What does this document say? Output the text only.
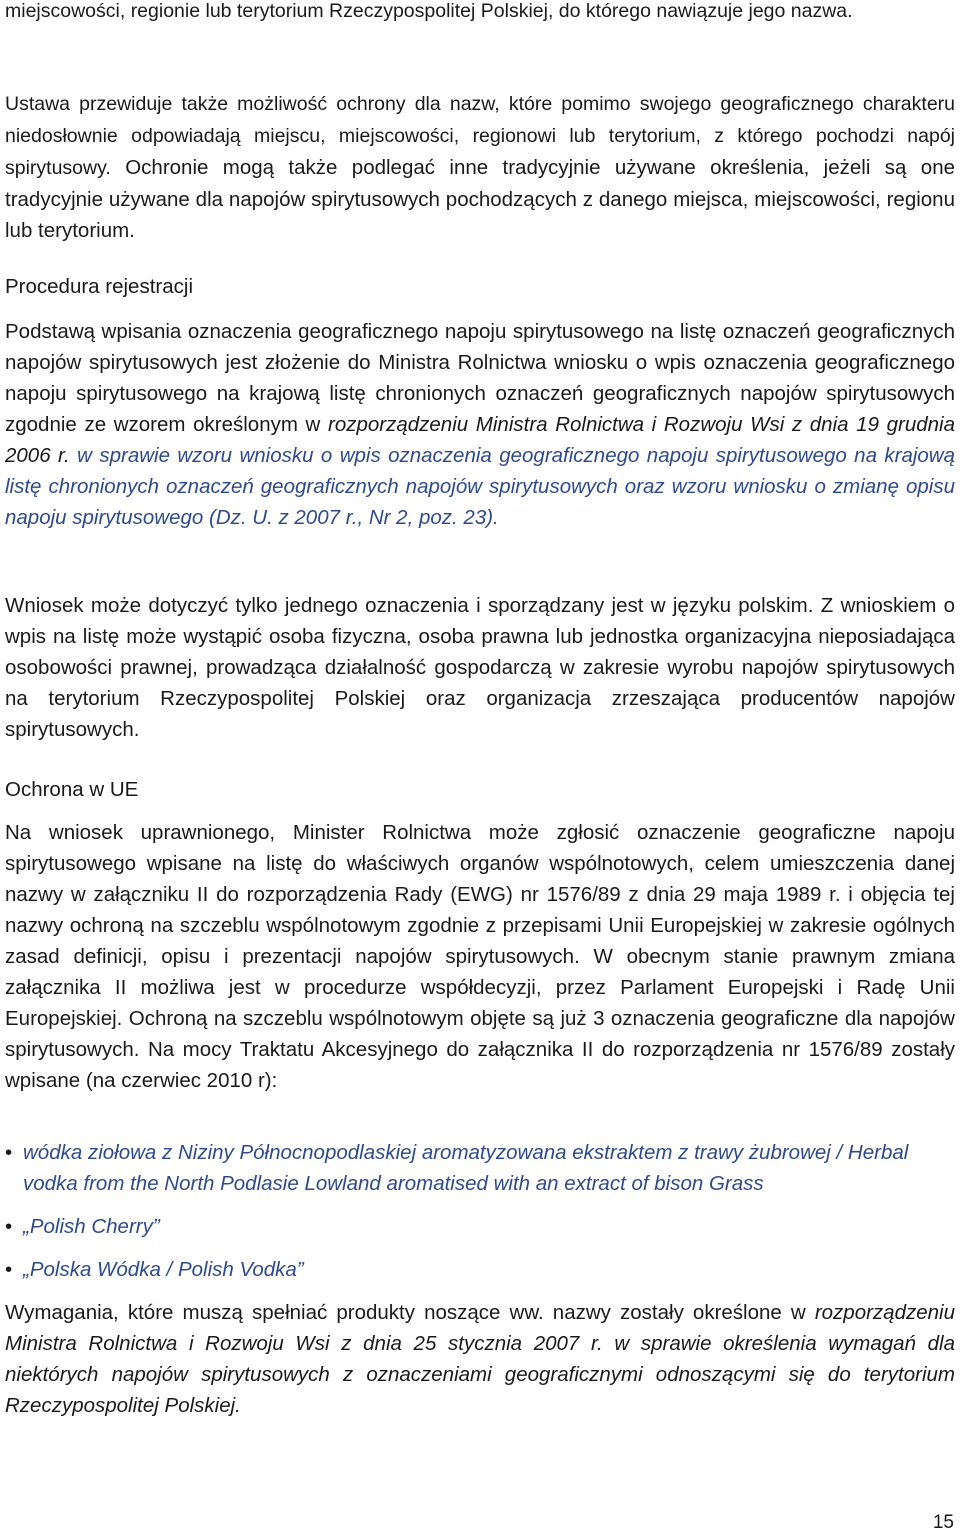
miejscowości, regionie lub terytorium Rzeczypospolitej Polskiej, do którego nawiązuje jego nazwa.

Ustawa przewiduje także możliwość ochrony dla nazw, które pomimo swojego geograficznego charakteru niedosłownie odpowiadają miejscu, miejscowości, regionowi lub terytorium, z którego pochodzi napój spirytusowy. Ochronie mogą także podlegać inne tradycyjnie używane określenia, jeżeli są one tradycyjnie używane dla napojów spirytusowych pochodzących z danego miejsca, miejscowości, regionu lub terytorium.

Procedura rejestracji

Podstawą wpisania oznaczenia geograficznego napoju spirytusowego na listę oznaczeń geograficznych napojów spirytusowych jest złożenie do Ministra Rolnictwa wniosku o wpis oznaczenia geograficznego napoju spirytusowego na krajową listę chronionych oznaczeń geograficznych napojów spirytusowych zgodnie ze wzorem określonym w rozporządzeniu Ministra Rolnictwa i Rozwoju Wsi z dnia 19 grudnia 2006 r. w sprawie wzoru wniosku o wpis oznaczenia geograficznego napoju spirytusowego na krajową listę chronionych oznaczeń geograficznych napojów spirytusowych oraz wzoru wniosku o zmianę opisu napoju spirytusowego (Dz. U. z 2007 r., Nr 2, poz. 23).

Wniosek może dotyczyć tylko jednego oznaczenia i sporządzany jest w języku polskim. Z wnioskiem o wpis na listę może wystąpić osoba fizyczna, osoba prawna lub jednostka organizacyjna nieposiadająca osobowości prawnej, prowadząca działalność gospodarczą w zakresie wyrobu napojów spirytusowych na terytorium Rzeczypospolitej Polskiej oraz organizacja zrzeszająca producentów napojów spirytusowych.

Ochrona w UE

Na wniosek uprawnionego, Minister Rolnictwa może zgłosić oznaczenie geograficzne napoju spirytusowego wpisane na listę do właściwych organów wspólnotowych, celem umieszczenia danej nazwy w załączniku II do rozporządzenia Rady (EWG) nr 1576/89 z dnia 29 maja 1989 r. i objęcia tej nazwy ochroną na szczeblu wspólnotowym zgodnie z przepisami Unii Europejskiej w zakresie ogólnych zasad definicji, opisu i prezentacji napojów spirytusowych. W obecnym stanie prawnym zmiana załącznika II możliwa jest w procedurze współdecyzji, przez Parlament Europejski i Radę Unii Europejskiej. Ochroną na szczeblu wspólnotowym objęte są już 3 oznaczenia geograficzne dla napojów spirytusowych. Na mocy Traktatu Akcesyjnego do załącznika II do rozporządzenia nr 1576/89 zostały wpisane (na czerwiec 2010 r):

• wódka ziołowa z Niziny Północnopodlaskiej aromatyzowana ekstraktem z trawy żubrowej / Herbal vodka from the North Podlasie Lowland aromatised with an extract of bison Grass
• „Polish Cherry”
• „Polska Wódka / Polish Vodka”

Wymagania, które muszą spełniać produkty noszące ww. nazwy zostały określone w rozporządzeniu Ministra Rolnictwa i Rozwoju Wsi z dnia 25 stycznia 2007 r. w sprawie określenia wymagań dla niektórych napojów spirytusowych z oznaczeniami geograficznymi odnoszącymi się do terytorium Rzeczypospolitej Polskiej.

15
